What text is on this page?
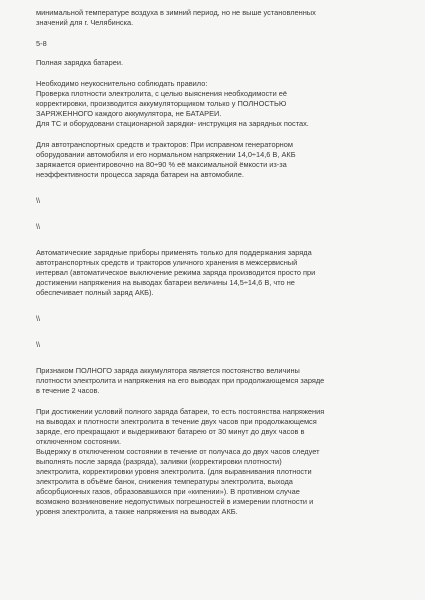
минимальной температуре воздуха в зимний период, но не выше установленных

значений для г. Челябинска.

5-8

Полная зарядка батареи.

Необходимо неукоснительно соблюдать правило:

Проверка плотности электролита, с целью выяснения необходимости её

корректировки, производится аккумуляторщиком только у ПОЛНОСТЬЮ

ЗАРЯЖЕННОГО каждого аккумулятора, не БАТАРЕИ.

Для ТС и оборудовани стационарной зарядки- инструкция на зарядных постах.

Для автотранспортных средств и тракторов: При исправном генераторном

оборудовании автомобиля и его нормальном напряжении 14,0÷14,6 В, АКБ

заряжается ориентировочно на 80÷90 % её максимальной ёмкости из-за

неэффективности процесса заряда батареи на автомобиле.

\\

\\

Автоматические зарядные приборы применять только для поддержания заряда

автотранспортных средств и тракторов уличного хранения в межсервисный

интервал (автоматическое выключение режима заряда производится просто при

достижении напряжения на выводах батареи величины 14,5÷14,6 В, что не

обеспечивает полный заряд АКБ).

\\

\\

Признаком ПОЛНОГО заряда аккумулятора является постоянство величины

плотности электролита и напряжения на его выводах при продолжающемся заряде

в течение 2 часов.

При достижении условий полного заряда батареи, то есть постоянства напряжения

на выводах и плотности электролита в течение двух часов при продолжающемся

заряде, его прекращают и выдерживают батарею от 30 минут до двух часов в

отключенном состоянии.

Выдержку в отключенном состоянии в течение от получаса до двух часов следует

выполнять после заряда (разряда), заливки (корректировки плотности)

электролита, корректировки уровня электролита. (для выравнивания плотности

электролита в объёме банок, снижения температуры электролита, выхода

абсорбционных газов, образовавшихся при «кипении»). В противном случае

возможно возникновение недопустимых погрешностей в измерении плотности и

уровня электролита, а также напряжения на выводах АКБ.
